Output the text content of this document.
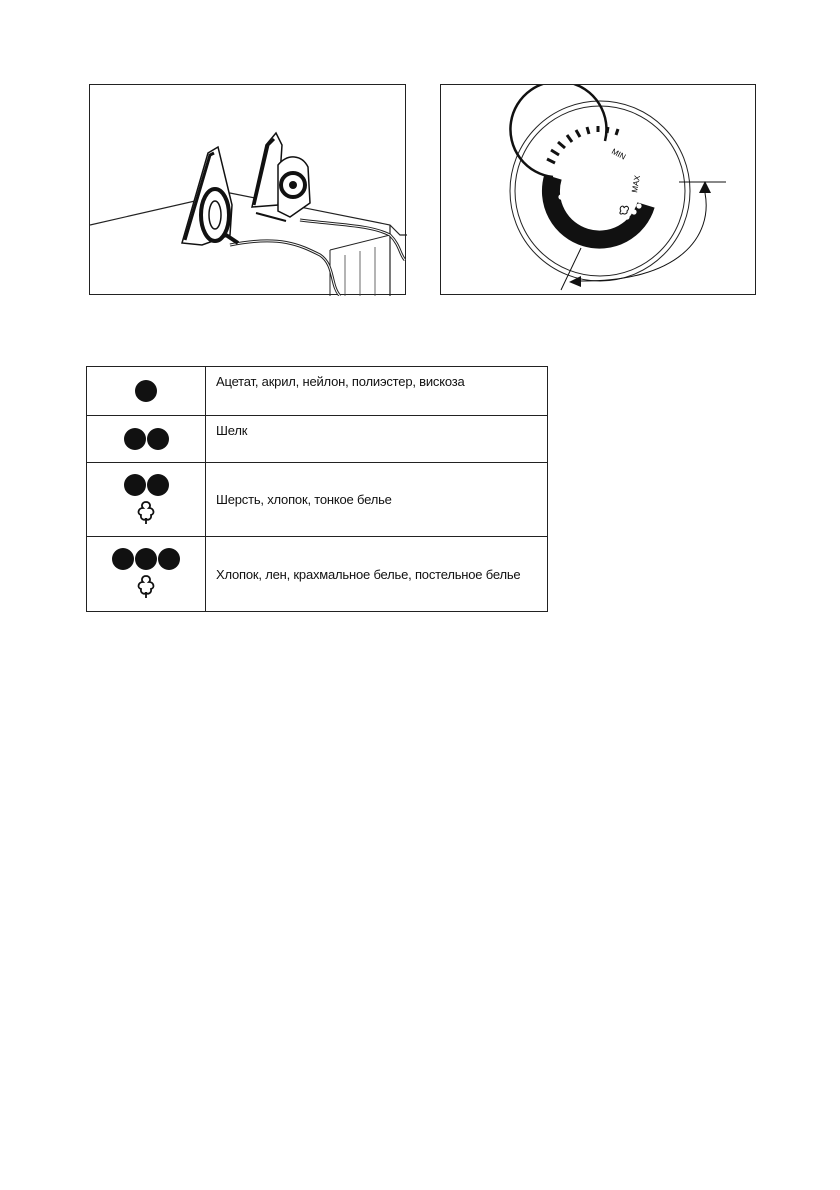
MIN
MAX
	Ацетат, акрил, нейлон, полиэстер, вискоза

	Шелк

	Шерсть, хлопок, тонкое белье

	Хлопок, лен, крахмальное белье, постельное белье
